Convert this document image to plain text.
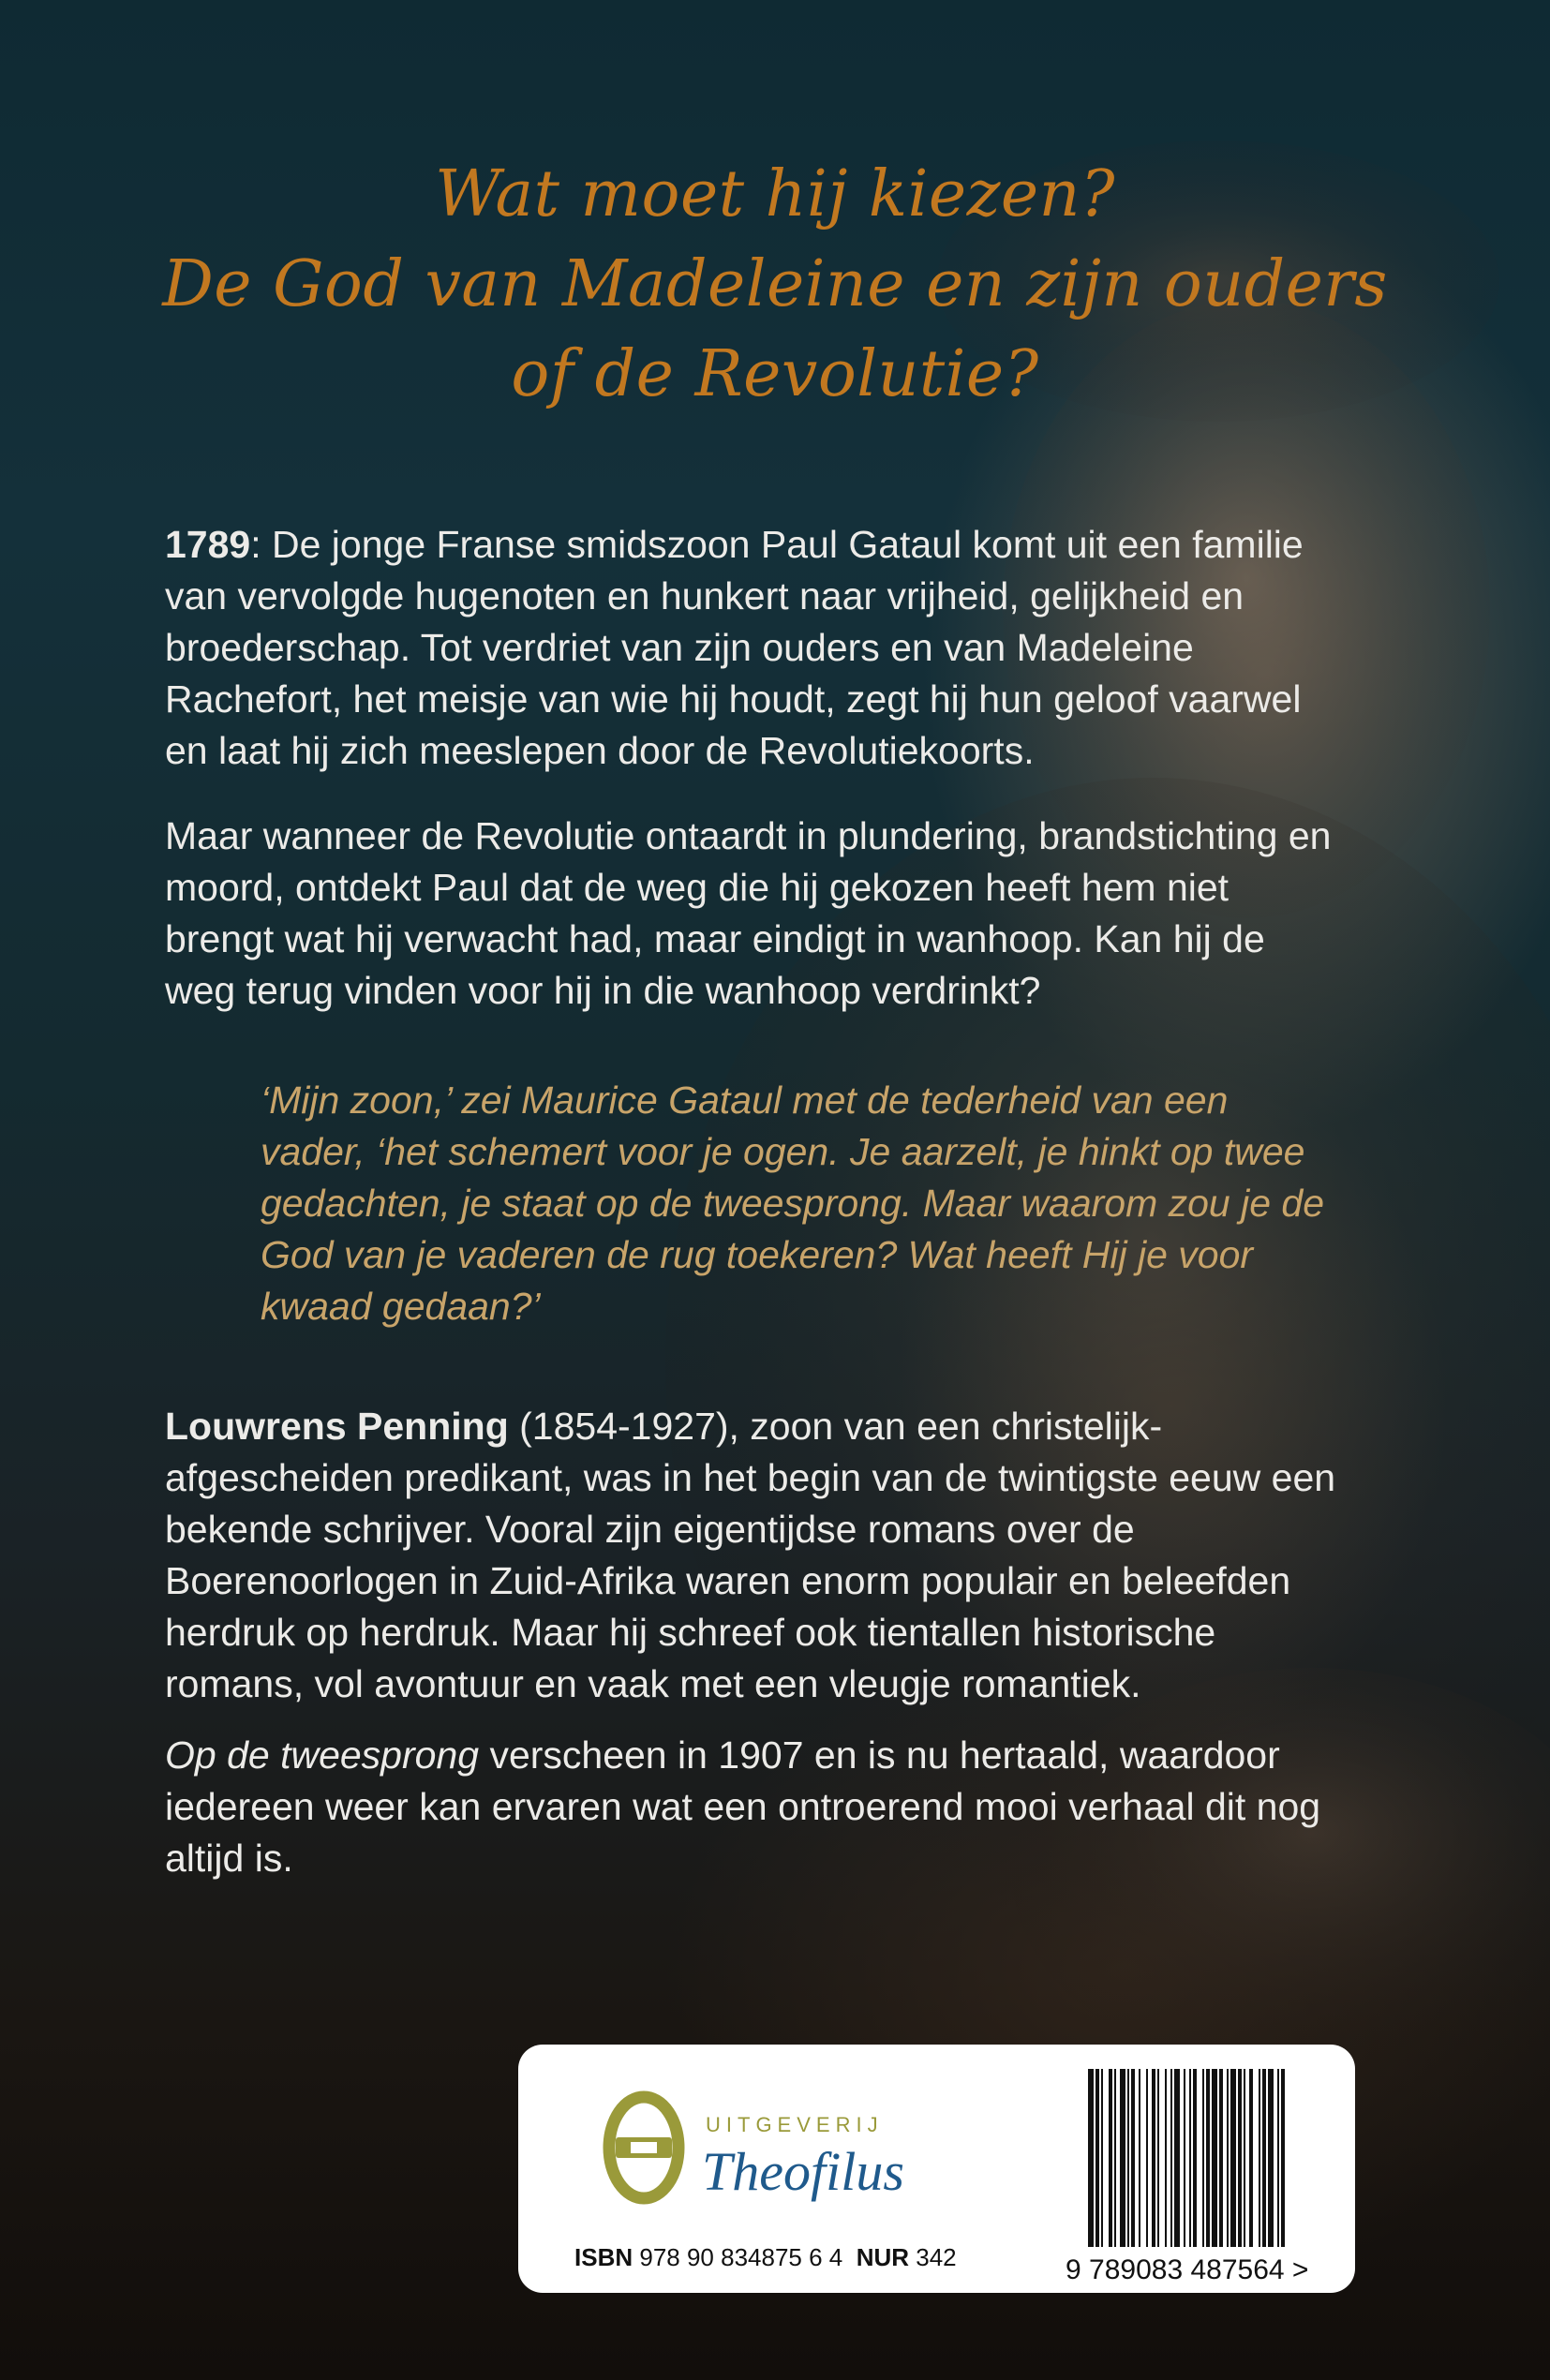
Wat moet hij kiezen?
De God van Madeleine en zijn ouders
of de Revolutie?
1789: De jonge Franse smidszoon Paul Gataul komt uit een familie van vervolgde hugenoten en hunkert naar vrijheid, gelijkheid en broederschap. Tot verdriet van zijn ouders en van Madeleine Rachefort, het meisje van wie hij houdt, zegt hij hun geloof vaarwel en laat hij zich meeslepen door de Revolutiekoorts.
Maar wanneer de Revolutie ontaardt in plundering, brandstichting en moord, ontdekt Paul dat de weg die hij gekozen heeft hem niet brengt wat hij verwacht had, maar eindigt in wanhoop. Kan hij de weg terug vinden voor hij in die wanhoop verdrinkt?
‘Mijn zoon,’ zei Maurice Gataul met de tederheid van een vader, ‘het schemert voor je ogen. Je aarzelt, je hinkt op twee gedachten, je staat op de tweesprong. Maar waarom zou je de God van je vaderen de rug toekeren? Wat heeft Hij je voor kwaad gedaan?’
Louwrens Penning (1854-1927), zoon van een christelijk-afgescheiden predikant, was in het begin van de twintigste eeuw een bekende schrijver. Vooral zijn eigentijdse romans over de Boerenoorlogen in Zuid-Afrika waren enorm populair en beleefden herdruk op herdruk. Maar hij schreef ook tientallen historische romans, vol avontuur en vaak met een vleugje romantiek.
Op de tweesprong verscheen in 1907 en is nu hertaald, waardoor iedereen weer kan ervaren wat een ontroerend mooi verhaal dit nog altijd is.
UITGEVERIJ
Theofilus
ISBN 978 90 834875 6 4 NUR 342	9 789083 487564 >
